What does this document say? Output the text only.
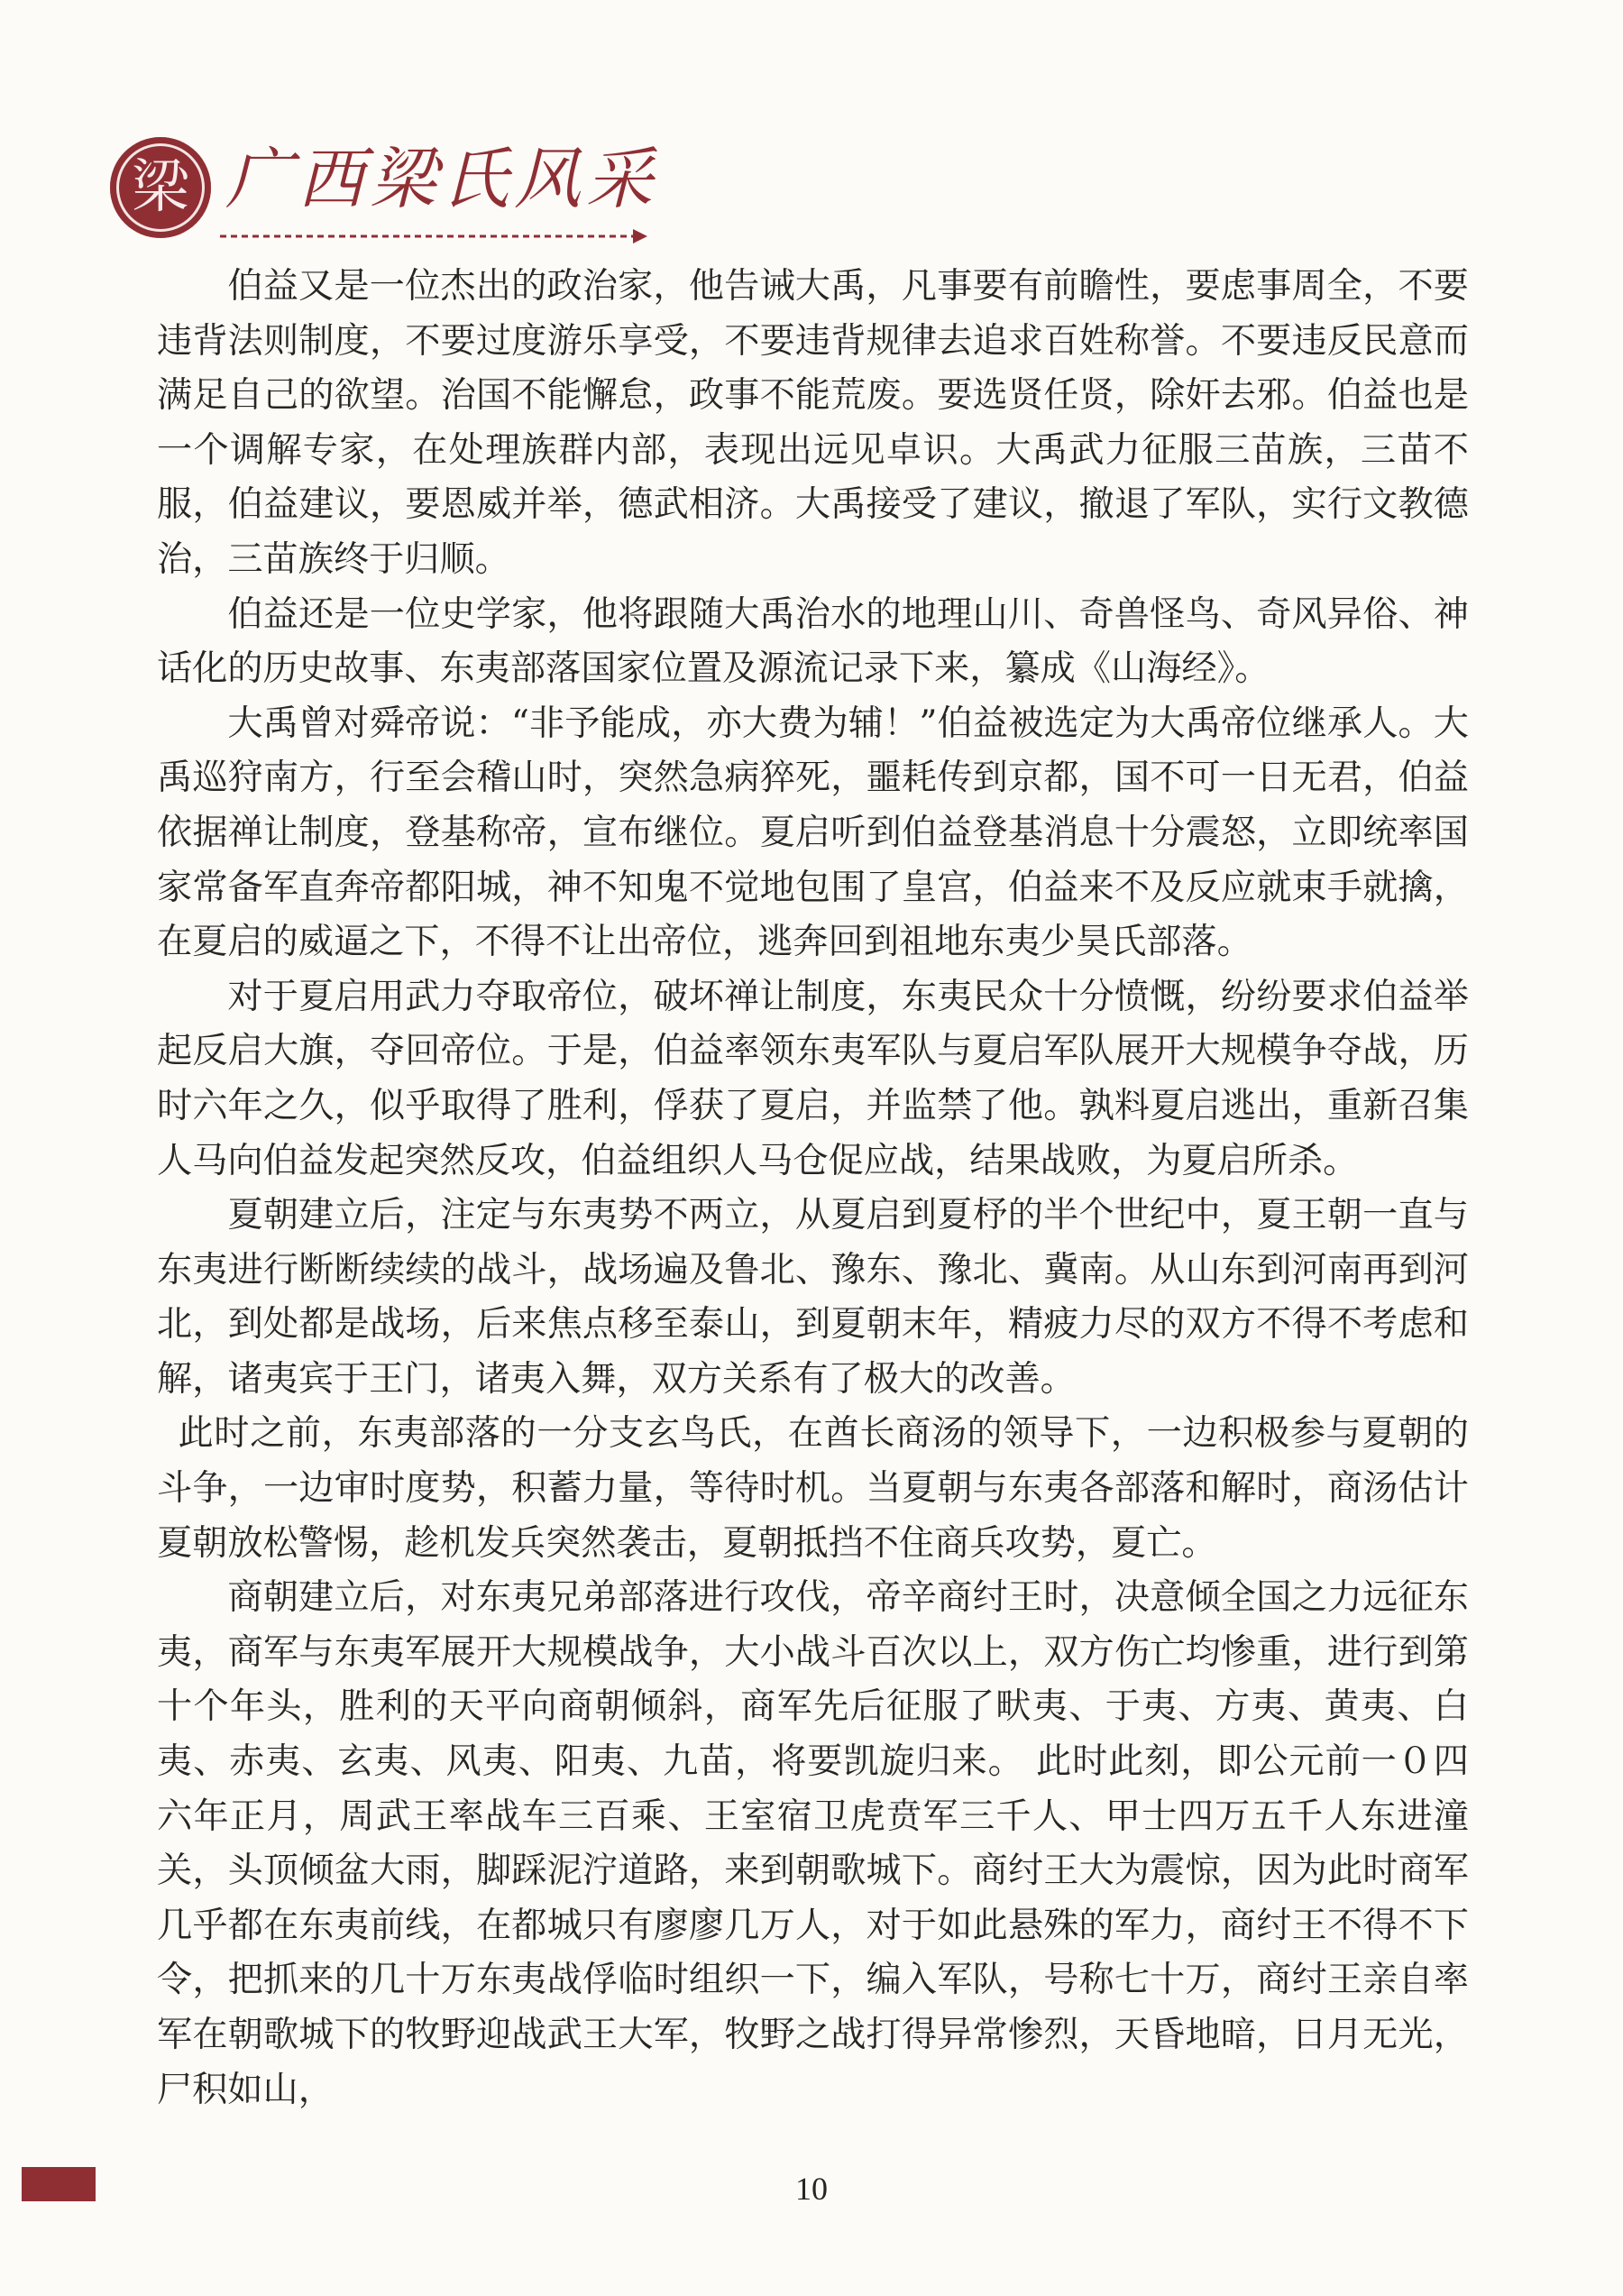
梁 广西梁氏风采

伯益又是一位杰出的政治家，他告诫大禹，凡事要有前瞻性，要虑事周全，不要违背法则制度，不要过度游乐享受，不要违背规律去追求百姓称誉。不要违反民意而满足自己的欲望。治国不能懈怠，政事不能荒废。要选贤任贤，除奸去邪。伯益也是一个调解专家，在处理族群内部，表现出远见卓识。大禹武力征服三苗族，三苗不服，伯益建议，要恩威并举，德武相济。大禹接受了建议，撤退了军队，实行文教德治，三苗族终于归顺。

伯益还是一位史学家，他将跟随大禹治水的地理山川、奇兽怪鸟、奇风异俗、神话化的历史故事、东夷部落国家位置及源流记录下来，纂成《山海经》。

大禹曾对舜帝说：“非予能成，亦大费为辅！”伯益被选定为大禹帝位继承人。大禹巡狩南方，行至会稽山时，突然急病猝死，噩耗传到京都，国不可一日无君，伯益依据禅让制度，登基称帝，宣布继位。夏启听到伯益登基消息十分震怒，立即统率国家常备军直奔帝都阳城，神不知鬼不觉地包围了皇宫，伯益来不及反应就束手就擒，在夏启的威逼之下，不得不让出帝位，逃奔回到祖地东夷少昊氏部落。

对于夏启用武力夺取帝位，破坏禅让制度，东夷民众十分愤慨，纷纷要求伯益举起反启大旗，夺回帝位。于是，伯益率领东夷军队与夏启军队展开大规模争夺战，历时六年之久，似乎取得了胜利，俘获了夏启，并监禁了他。孰料夏启逃出，重新召集人马向伯益发起突然反攻，伯益组织人马仓促应战，结果战败，为夏启所杀。

夏朝建立后，注定与东夷势不两立，从夏启到夏杼的半个世纪中，夏王朝一直与东夷进行断断续续的战斗，战场遍及鲁北、豫东、豫北、冀南。从山东到河南再到河北，到处都是战场，后来焦点移至泰山，到夏朝末年，精疲力尽的双方不得不考虑和解，诸夷宾于王门，诸夷入舞，双方关系有了极大的改善。

此时之前，东夷部落的一分支玄鸟氏，在酋长商汤的领导下，一边积极参与夏朝的斗争，一边审时度势，积蓄力量，等待时机。当夏朝与东夷各部落和解时，商汤估计夏朝放松警惕，趁机发兵突然袭击，夏朝抵挡不住商兵攻势，夏亡。

商朝建立后，对东夷兄弟部落进行攻伐，帝辛商纣王时，决意倾全国之力远征东夷，商军与东夷军展开大规模战争，大小战斗百次以上，双方伤亡均惨重，进行到第十个年头，胜利的天平向商朝倾斜，商军先后征服了畎夷、于夷、方夷、黄夷、白夷、赤夷、玄夷、风夷、阳夷、九苗，将要凯旋归来。 此时此刻，即公元前一０四六年正月，周武王率战车三百乘、王室宿卫虎贲军三千人、甲士四万五千人东进潼关，头顶倾盆大雨，脚踩泥泞道路，来到朝歌城下。商纣王大为震惊，因为此时商军几乎都在东夷前线，在都城只有廖廖几万人，对于如此悬殊的军力，商纣王不得不下令，把抓来的几十万东夷战俘临时组织一下，编入军队，号称七十万，商纣王亲自率军在朝歌城下的牧野迎战武王大军，牧野之战打得异常惨烈，天昏地暗，日月无光，尸积如山，

10
